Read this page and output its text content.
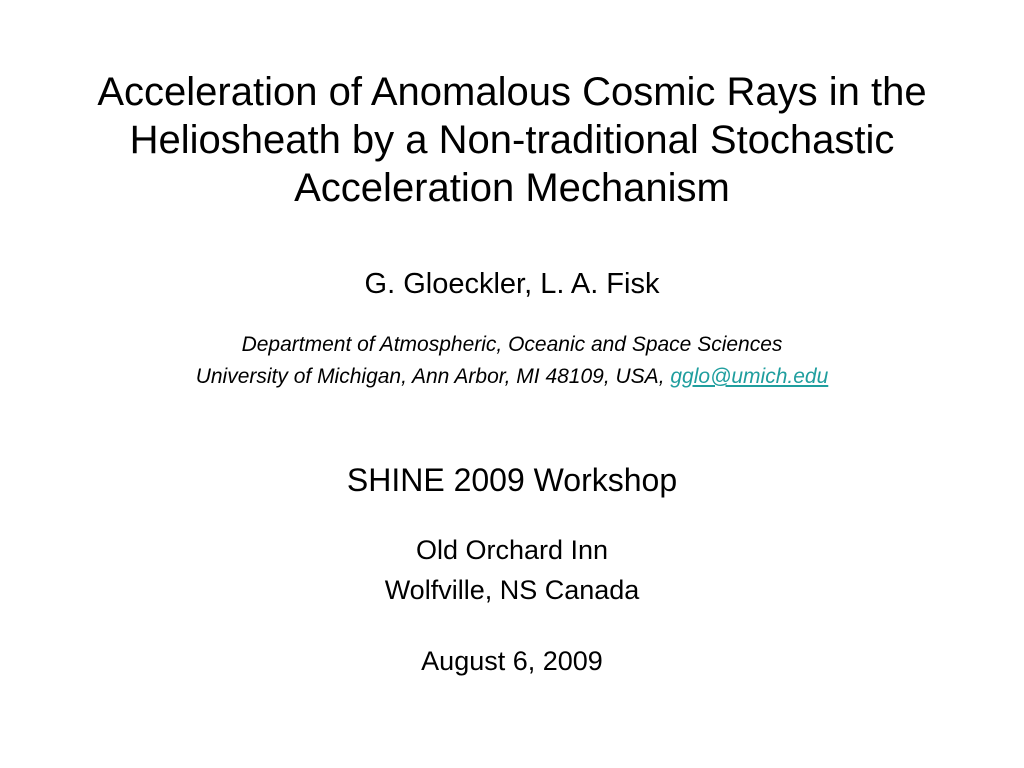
Acceleration of Anomalous Cosmic Rays in the
Heliosheath by a Non-traditional Stochastic
Acceleration Mechanism
G. Gloeckler, L. A. Fisk
Department of Atmospheric, Oceanic and Space Sciences
University of Michigan, Ann Arbor, MI 48109, USA, gglo@umich.edu
SHINE 2009 Workshop
Old Orchard Inn
Wolfville, NS Canada
August 6, 2009
